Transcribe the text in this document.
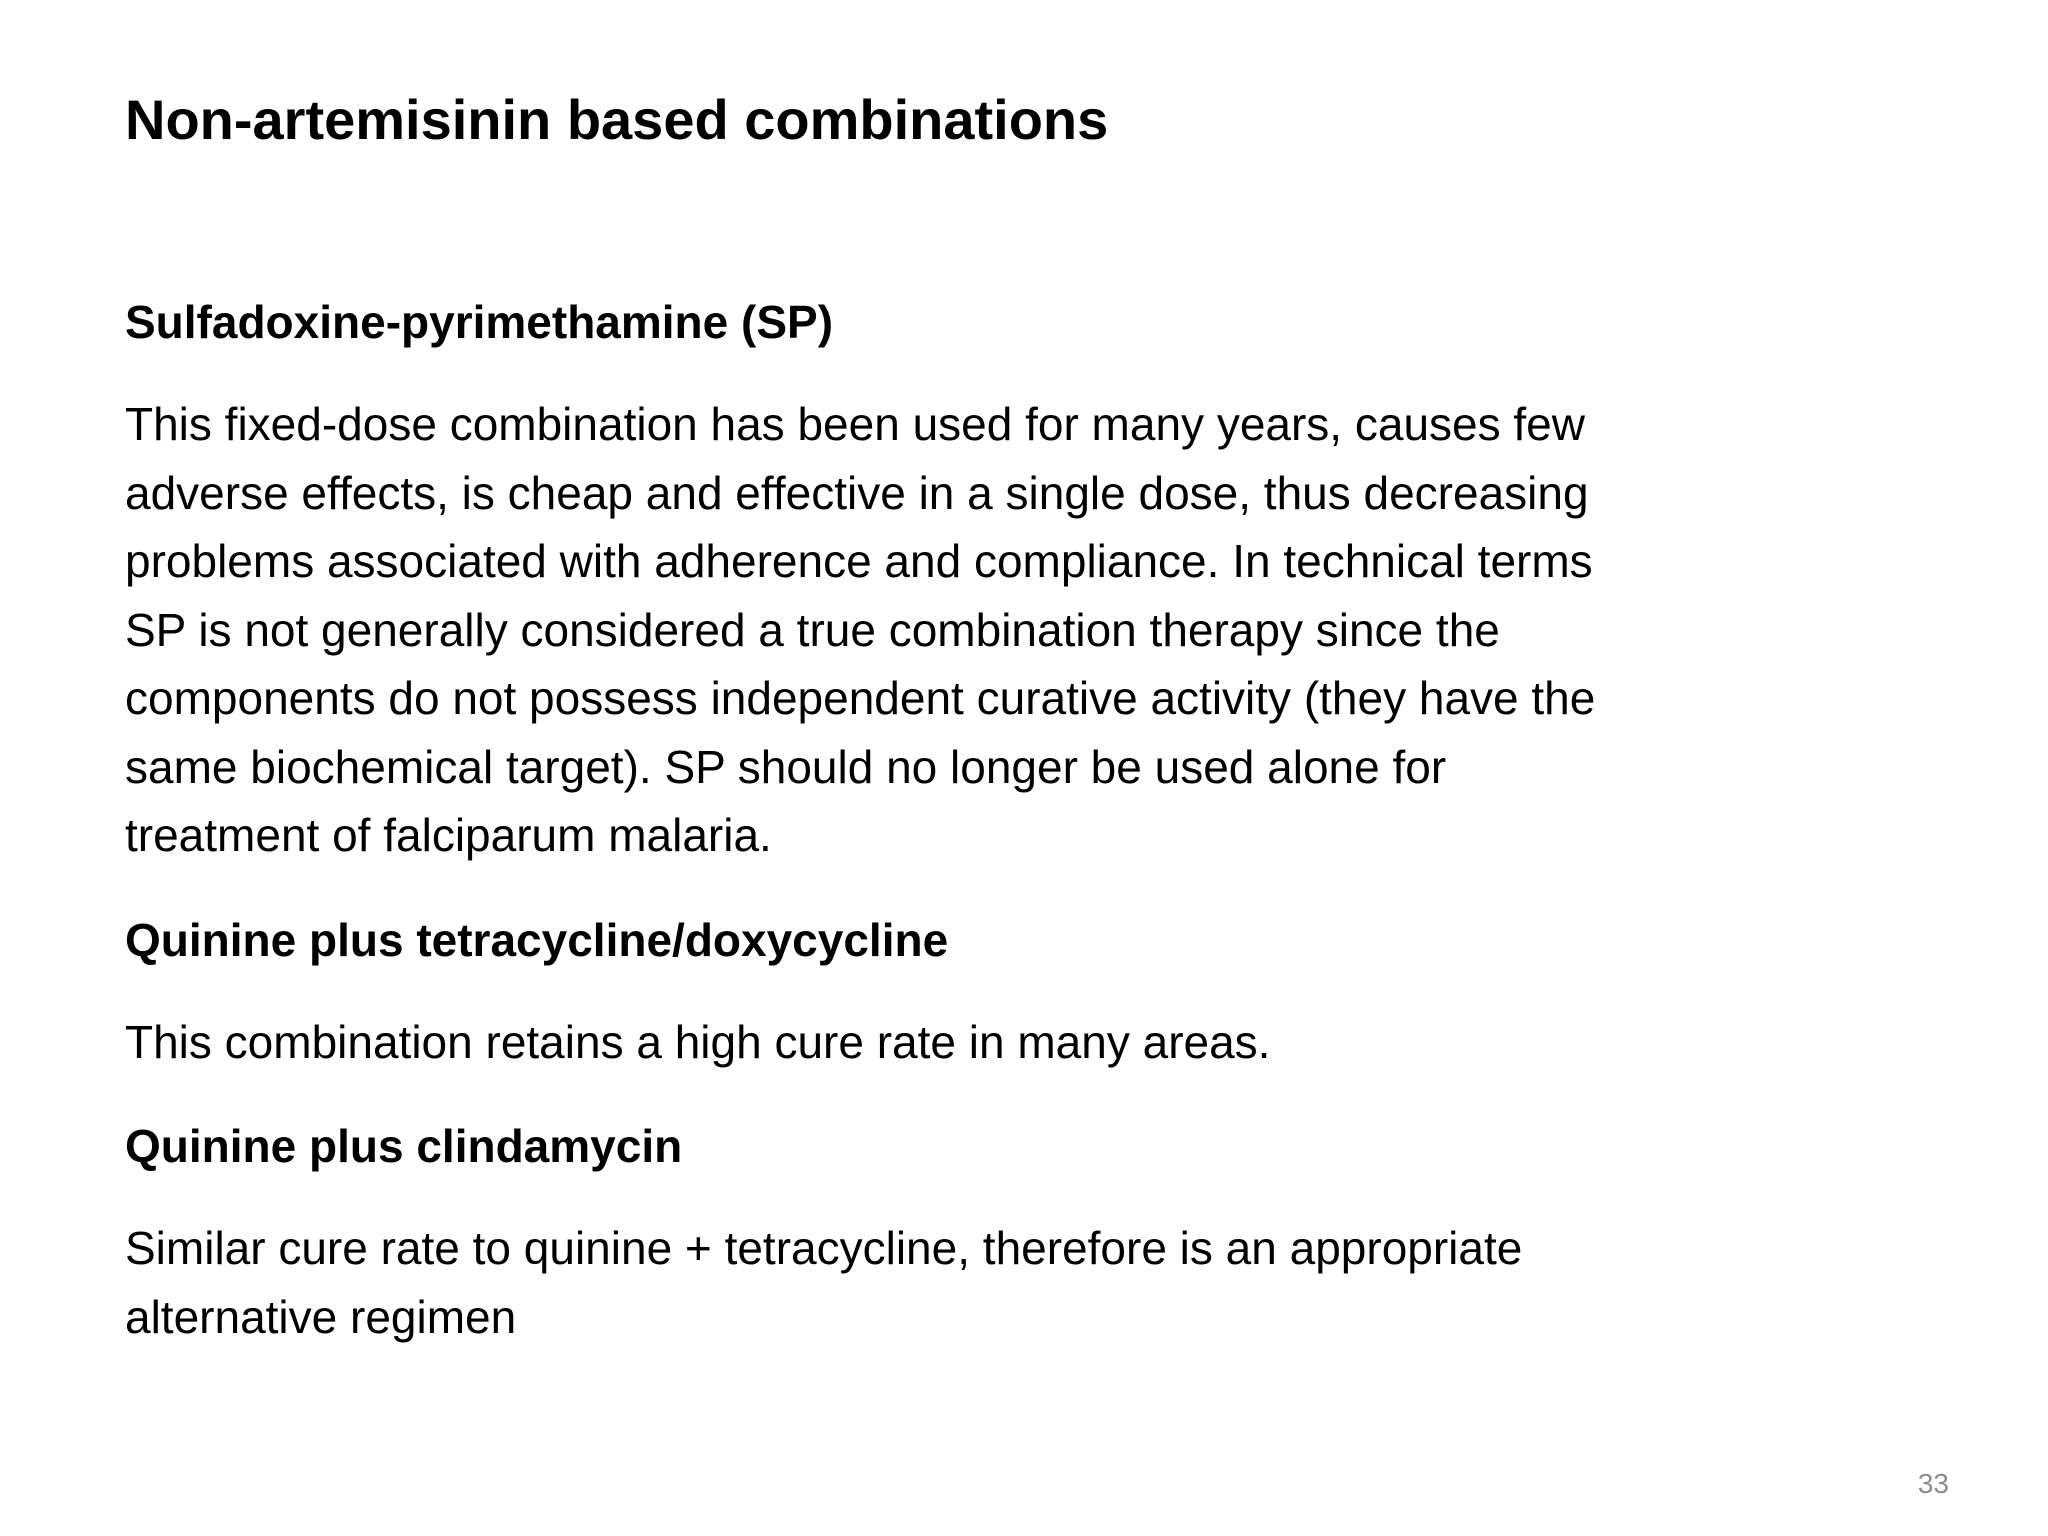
Non-artemisinin based combinations

Sulfadoxine-pyrimethamine (SP)

This fixed-dose combination has been used for many years, causes few

adverse effects, is cheap and effective in a single dose, thus decreasing

problems associated with adherence and compliance. In technical terms

SP is not generally considered a true combination therapy since the

components do not possess independent curative activity (they have the

same biochemical target). SP should no longer be used alone for

treatment of falciparum malaria.

Quinine plus tetracycline/doxycycline

This combination retains a high cure rate in many areas.

Quinine plus clindamycin

Similar cure rate to quinine + tetracycline, therefore is an appropriate

alternative regimen

33
